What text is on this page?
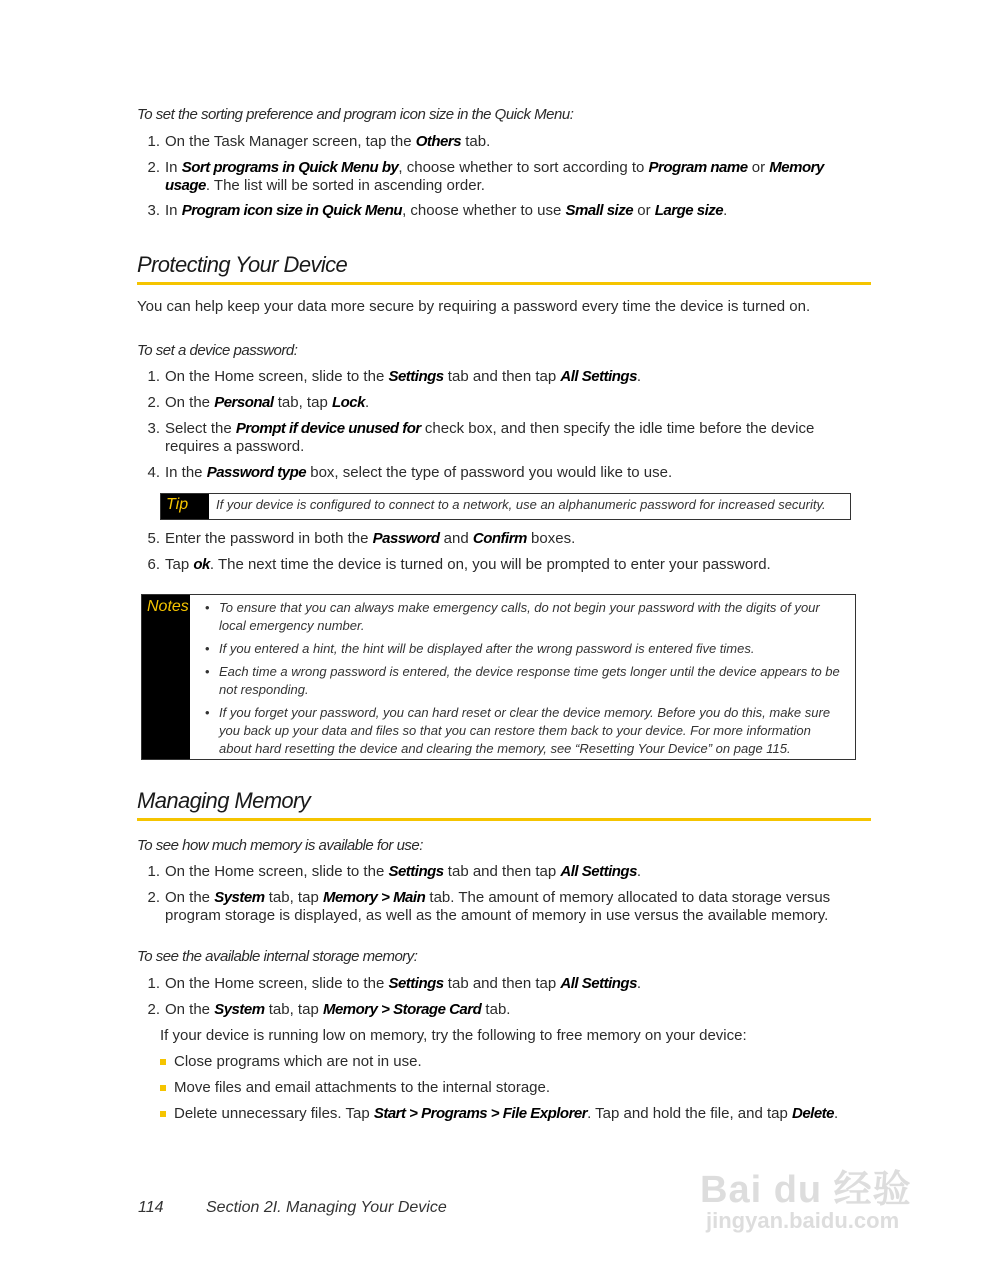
To set the sorting preference and program icon size in the Quick Menu:
1. On the Task Manager screen, tap the Others tab.
2. In Sort programs in Quick Menu by, choose whether to sort according to Program name or Memory usage. The list will be sorted in ascending order.
3. In Program icon size in Quick Menu, choose whether to use Small size or Large size.
Protecting Your Device
You can help keep your data more secure by requiring a password every time the device is turned on.
To set a device password:
1. On the Home screen, slide to the Settings tab and then tap All Settings.
2. On the Personal tab, tap Lock.
3. Select the Prompt if device unused for check box, and then specify the idle time before the device requires a password.
4. In the Password type box, select the type of password you would like to use.
Tip	If your device is configured to connect to a network, use an alphanumeric password for increased security.
5. Enter the password in both the Password and Confirm boxes.
6. Tap ok. The next time the device is turned on, you will be prompted to enter your password.
Notes
•	To ensure that you can always make emergency calls, do not begin your password with the digits of your local emergency number.
• If you entered a hint, the hint will be displayed after the wrong password is entered five times.
• Each time a wrong password is entered, the device response time gets longer until the device appears to be not responding.
• If you forget your password, you can hard reset or clear the device memory. Before you do this, make sure you back up your data and files so that you can restore them back to your device. For more information about hard resetting the device and clearing the memory, see “Resetting Your Device” on page 115.
Managing Memory
To see how much memory is available for use:
1. On the Home screen, slide to the Settings tab and then tap All Settings.
2. On the System tab, tap Memory > Main tab. The amount of memory allocated to data storage versus program storage is displayed, as well as the amount of memory in use versus the available memory.
To see the available internal storage memory:
1. On the Home screen, slide to the Settings tab and then tap All Settings.
2. On the System tab, tap Memory > Storage Card tab.
If your device is running low on memory, try the following to free memory on your device:
Close programs which are not in use.
Move files and email attachments to the internal storage.
Delete unnecessary files. Tap Start > Programs > File Explorer. Tap and hold the file, and tap Delete.
114	Section 2I. Managing Your Device	Bai du 经验
jingyan.baidu.com
